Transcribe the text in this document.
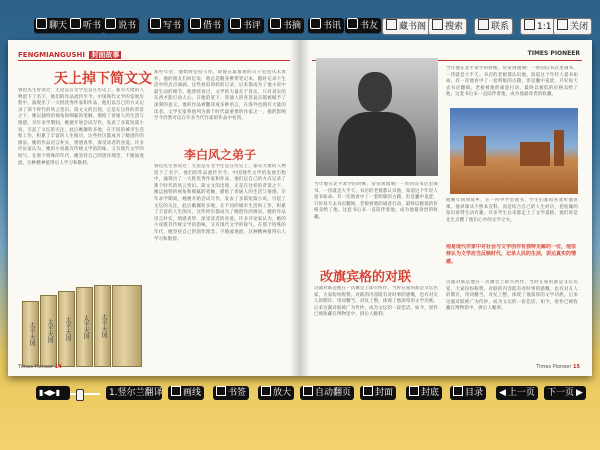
聊天	听书	说书	写书	借书	书评	书摘	书讯	书友	藏书阁	搜索	联系	1:1	关闭
FENGMIANGUSHI 封面故事
天上掉下简文文
鲁迅先生曾说过：无论是在文学还是在历史上，都有大批的人物留下了名字，他们的作品流传至今。中国现代文学的发展历程中，涌现出了一大批优秀作家和作品，他们以自己的方式记录了那个时代的风云变幻。简文文的出现，正是在这样的背景之下，她以独特的视角和细腻的笔触，描绘了普通人的生活与情感。早年求学期间，她便开始尝试写作，发表了多篇短篇小说，引起了文坛的关注。此后她辗转多地，在不同的城市生活和工作，积累了丰富的人生阅历，这些经历都成为了她创作的源泉。她的作品语言朴实，情感真挚，深受读者的喜爱。许多评论家认为，她的小说既有传统文学的韵味，又有现代文学的锐气。在那个特殊的年代，她坚持自己的创作理念，不随波逐流，这种精神值得后人学习和敬仰。
那些年里，他始终坚持写作，即使在最艰难的日子里也从未放弃。他的朋友们回忆说，他总是随身携带笔记本，随时记录下生活中的点点滴滴。这些看似琐碎的记录，后来都成为了他小说中最生动的细节。他曾经说过，文学的力量在于真实，只有真实的东西才能打动人心。在他的笔下，普通人的喜怒哀乐都被赋予了深刻的意义。他的作品被翻译成多种语言，在海外也拥有大量的读者。文学史家将他列为那个时代最重要的作家之一，他的影响至今仍然可以在许多当代作家的作品中看到。
李白风之弟子
鲁迅先生曾说过：无论是在文学还是在历史上，都有大批的人物留下了名字，他们的作品流传至今。中国现代文学的发展历程中，涌现出了一大批优秀作家和作品，他们以自己的方式记录了那个时代的风云变幻。简文文的出现，正是在这样的背景之下，她以独特的视角和细腻的笔触，描绘了普通人的生活与情感。早年求学期间，她便开始尝试写作，发表了多篇短篇小说，引起了文坛的关注。此后她辗转多地，在不同的城市生活和工作，积累了丰富的人生阅历，这些经历都成为了她创作的源泉。她的作品语言朴实，情感真挚，深受读者的喜爱。许多评论家认为，她的小说既有传统文学的韵味，又有现代文学的锐气。在那个特殊的年代，她坚持自己的创作理念，不随波逐流，这种精神值得后人学习和敬仰。
太平天国	太平天国	太平天国	太平天国	太平天国
Times Pioneer 14
TIMES PIONEER
当年他在北平求学的时候，常常到琉璃厂一带的旧书店里淘书，一待就是大半天。书店的老板都认识他，知道这个年轻人爱书如命。有一次他看中了一套明版的古籍，但是囊中羞涩，只好每天去书店翻阅，老板被他的诚意打动，最终以极低的价格卖给了他。这套书后来一直陪伴着他，成为他最珍贵的收藏。
当年他在北平求学的时候，常常到琉璃厂一带的旧书店里淘书，一待就是大半天。书店的老板都认识他，知道这个年轻人爱书如命。有一次他看中了一套明版的古籍，但是囊中羞涩，只好每天去书店翻阅，老板被他的诚意打动，最终以极低的价格卖给了他。这套书后来一直陪伴着他，成为他最珍贵的收藏。
他晚年回到故乡，在一所中学里教书，学生们都很喜欢听他讲课。他讲课从不照本宣科，而是结合自己的人生经历，把枯燥的知识讲得生动有趣。许多学生后来都走上了文学道路，他们说是先生点燃了他们心中的文学之火。
他是现代作家中对社会与文学创作有独特见解的一位，他坚持认为文学应当反映时代，记录人民的生活，表达真实的情感。
改旗宾格的对联
这副对联是他在一次聚会上即兴所作，当时在座的都是文坛名家，大家纷纷称赞。对联的内容既有对时事的感慨，也有对友人的期许，用词精当，对仗工整，体现了他深厚的文学功底。后来这副对联被广为传抄，成为文坛的一段佳话。如今，原件已被收藏在博物馆中，供后人瞻仰。
这副对联是他在一次聚会上即兴所作，当时在座的都是文坛名家，大家纷纷称赞。对联的内容既有对时事的感慨，也有对友人的期许，用词精当，对仗工整，体现了他深厚的文学功底。后来这副对联被广为传抄，成为文坛的一段佳话。如今，原件已被收藏在博物馆中，供后人瞻仰。
Times Pioneer 15
▮◀▶▮	1.竖尔兰翻译	画线	书签	放大	自动翻页	封面	封底	目录	◀ 上一页	下一页 ▶
